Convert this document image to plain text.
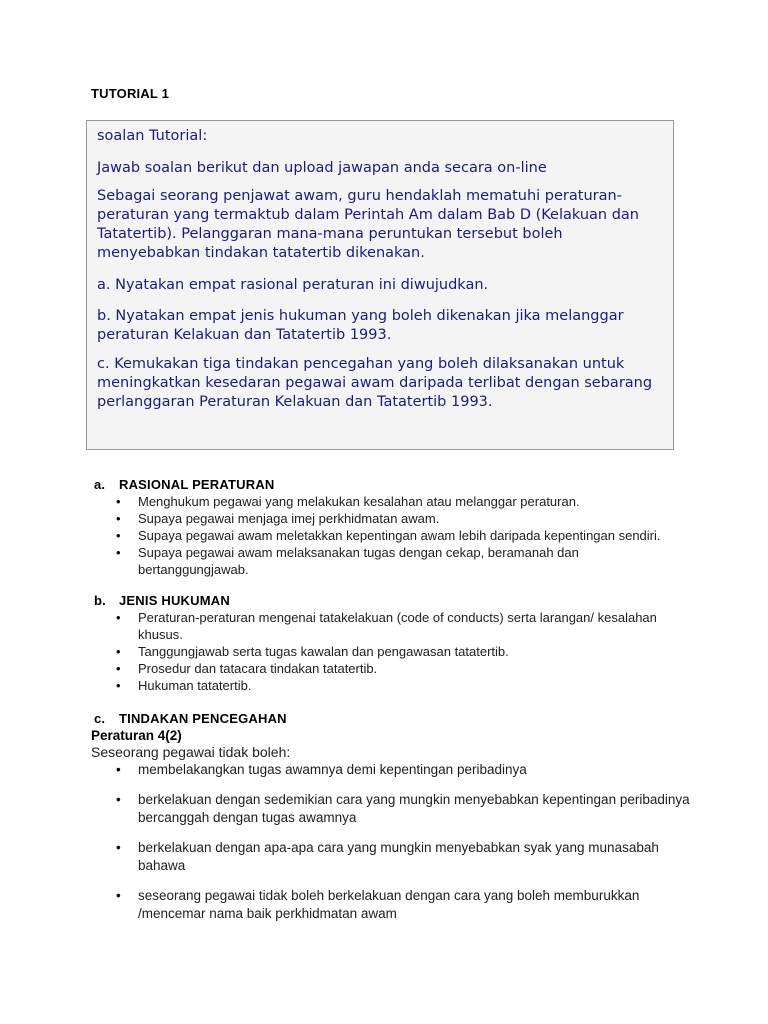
TUTORIAL 1

soalan Tutorial:

Jawab soalan berikut dan upload jawapan anda secara on-line

Sebagai seorang penjawat awam, guru hendaklah mematuhi peraturan-peraturan yang termaktub dalam Perintah Am dalam Bab D (Kelakuan dan Tatatertib). Pelanggaran mana-mana peruntukan tersebut boleh menyebabkan tindakan tatatertib dikenakan.

a. Nyatakan empat rasional peraturan ini diwujudkan.

b. Nyatakan empat jenis hukuman yang boleh dikenakan jika melanggar peraturan Kelakuan dan Tatatertib 1993.

c. Kemukakan tiga tindakan pencegahan yang boleh dilaksanakan untuk meningkatkan kesedaran pegawai awam daripada terlibat dengan sebarang perlanggaran Peraturan Kelakuan dan Tatatertib 1993.

a.	RASIONAL PERATURAN
• Menghukum pegawai yang melakukan kesalahan atau melanggar peraturan.
• Supaya pegawai menjaga imej perkhidmatan awam.
• Supaya pegawai awam meletakkan kepentingan awam lebih daripada kepentingan sendiri.
• Supaya pegawai awam melaksanakan tugas dengan cekap, beramanah dan bertanggungjawab.
b.	JENIS HUKUMAN
• Peraturan-peraturan mengenai tatakelakuan (code of conducts) serta larangan/ kesalahan khusus.
• Tanggungjawab serta tugas kawalan dan pengawasan tatatertib.
• Prosedur dan tatacara tindakan tatatertib.
• Hukuman tatatertib.
c.	TINDAKAN PENCEGAHAN
Peraturan 4(2)
Seseorang pegawai tidak boleh:
• membelakangkan tugas awamnya demi kepentingan peribadinya
• berkelakuan dengan sedemikian cara yang mungkin menyebabkan kepentingan peribadinya bercanggah dengan tugas awamnya
• berkelakuan dengan apa-apa cara yang mungkin menyebabkan syak yang munasabah bahawa
• seseorang pegawai tidak boleh berkelakuan dengan cara yang boleh memburukkan /mencemar nama baik perkhidmatan awam
